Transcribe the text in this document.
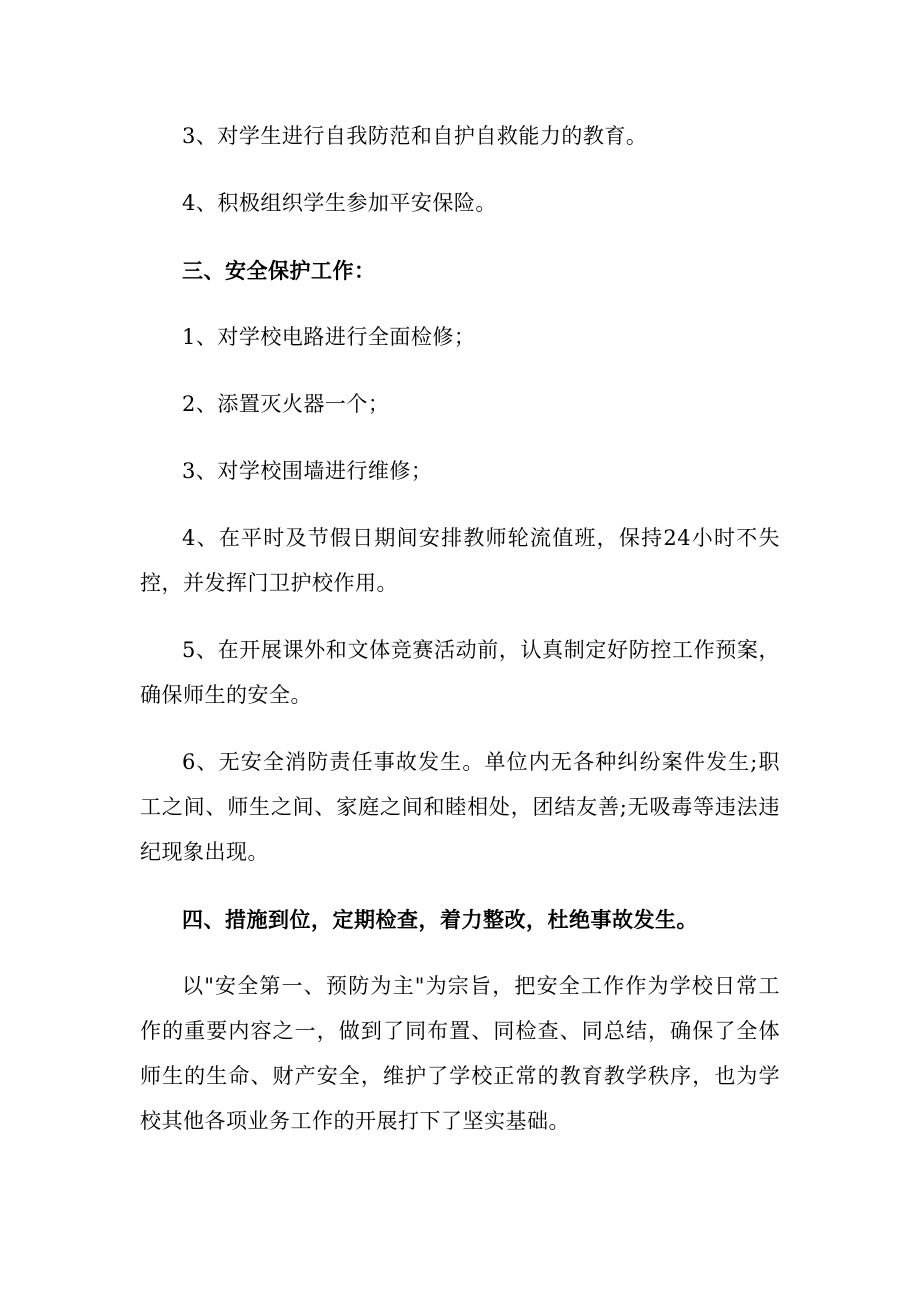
3、对学生进行自我防范和自护自救能力的教育。

4、积极组织学生参加平安保险。

三、安全保护工作：

1、对学校电路进行全面检修；

2、添置灭火器一个；

3、对学校围墙进行维修；

4、在平时及节假日期间安排教师轮流值班，保持24小时不失控，并发挥门卫护校作用。

5、在开展课外和文体竞赛活动前，认真制定好防控工作预案，确保师生的安全。

6、无安全消防责任事故发生。单位内无各种纠纷案件发生;职工之间、师生之间、家庭之间和睦相处，团结友善;无吸毒等违法违纪现象出现。

四、措施到位，定期检查，着力整改，杜绝事故发生。

以"安全第一、预防为主"为宗旨，把安全工作作为学校日常工作的重要内容之一，做到了同布置、同检查、同总结，确保了全体师生的生命、财产安全，维护了学校正常的教育教学秩序，也为学校其他各项业务工作的开展打下了坚实基础。
